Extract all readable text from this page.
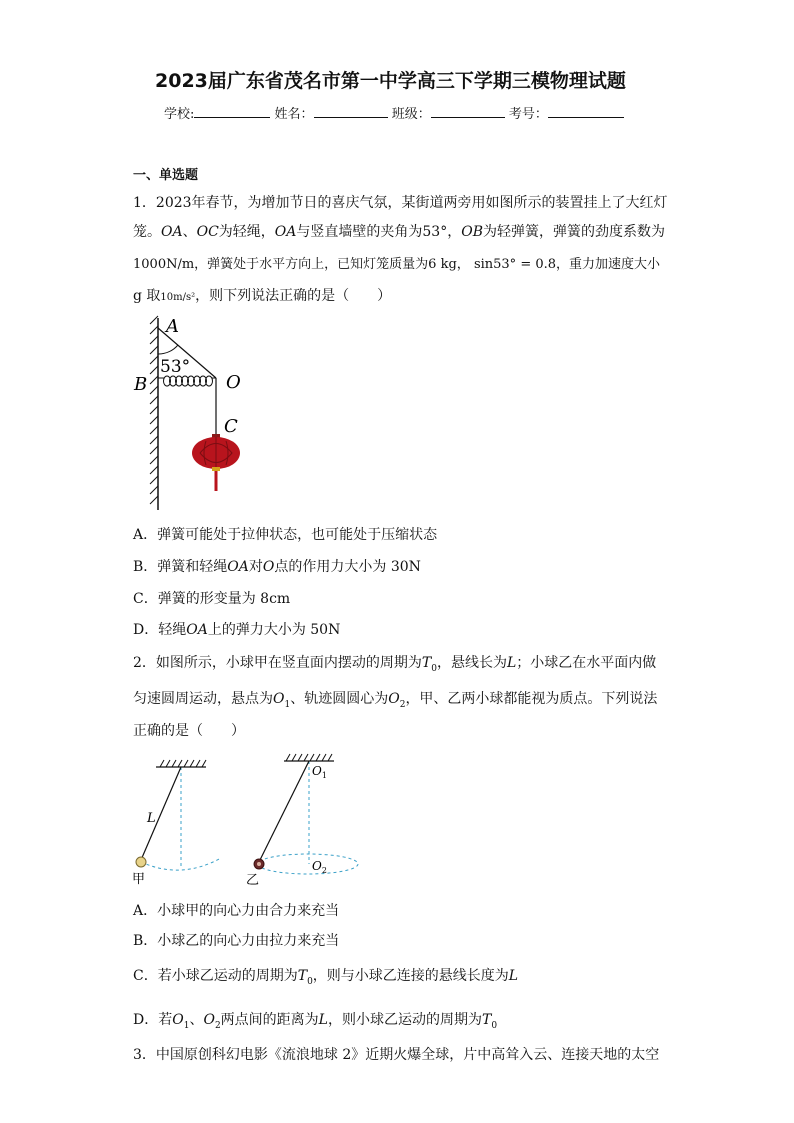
2023届广东省茂名市第一中学高三下学期三模物理试题
学校:	姓名：	班级：	考号：
一、单选题
1．2023年春节，为增加节日的喜庆气氛，某街道两旁用如图所示的装置挂上了大红灯
笼。OA、OC为轻绳，OA与竖直墙壁的夹角为53°，OB为轻弹簧，弹簧的劲度系数为
1000N/m，弹簧处于水平方向上，已知灯笼质量为6 kg， sin53° = 0.8，重力加速度大小
g 取10m/s²，则下列说法正确的是（　　）
A
53°
B	O
C
A．弹簧可能处于拉伸状态，也可能处于压缩状态
B．弹簧和轻绳OA对O点的作用力大小为 30N
C．弹簧的形变量为 8cm
D．轻绳OA上的弹力大小为 50N
2．如图所示，小球甲在竖直面内摆动的周期为$T_0$，悬线长为L；小球乙在水平面内做
匀速圆周运动，悬点为$O_1$、轨迹圆圆心为$O_2$，甲、乙两小球都能视为质点。下列说法
正确的是（　　）
L
甲
$O_1$
$O_2$
乙
A．小球甲的向心力由合力来充当
B．小球乙的向心力由拉力来充当
C．若小球乙运动的周期为$T_0$，则与小球乙连接的悬线长度为L
D．若$O_1$、$O_2$两点间的距离为L，则小球乙运动的周期为$T_0$
3．中国原创科幻电影《流浪地球 2》近期火爆全球，片中高耸入云、连接天地的太空
